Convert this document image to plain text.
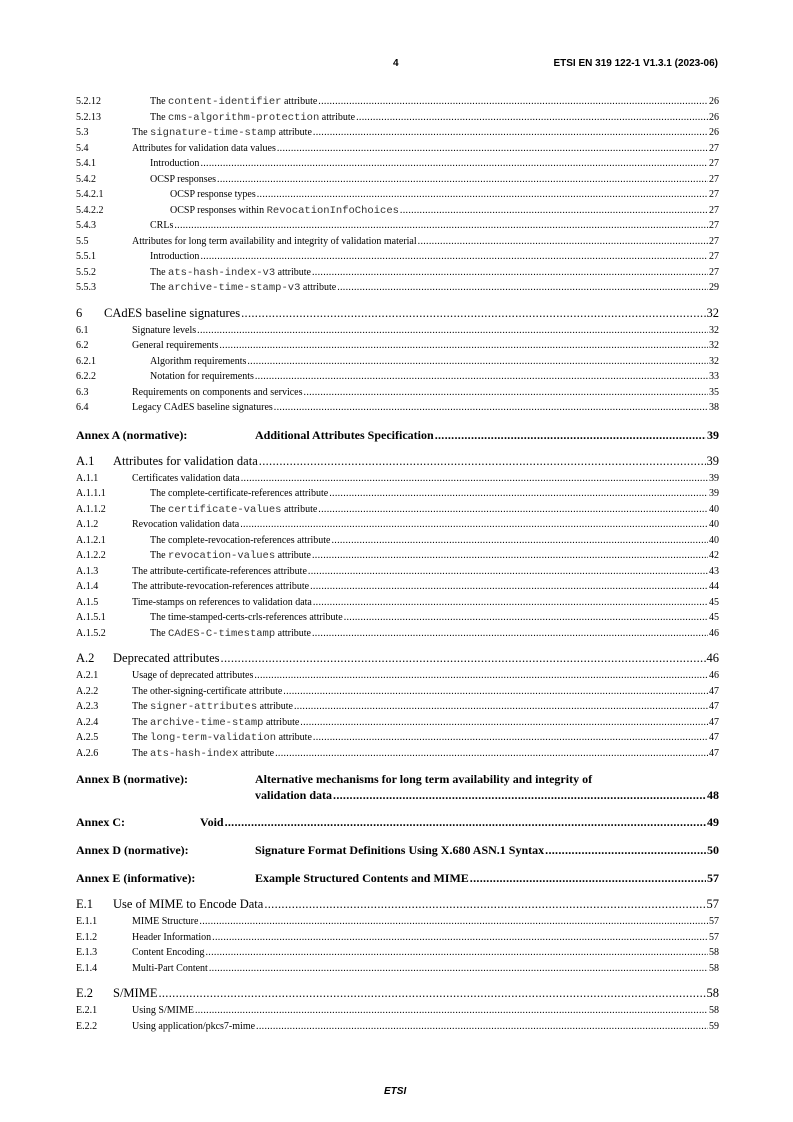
4	ETSI EN 319 122-1 V1.3.1 (2023-06)
5.2.12	The content-identifier attribute .....	26
5.2.13	The cms-algorithm-protection attribute .....	26
5.3	The signature-time-stamp attribute .....	26
5.4	Attributes for validation data values .....	27
5.4.1	Introduction .....	27
5.4.2	OCSP responses .....	27
5.4.2.1	OCSP response types .....	27
5.4.2.2	OCSP responses within RevocationInfoChoices .....	27
5.4.3	CRLs .....	27
5.5	Attributes for long term availability and integrity of validation material .....	27
5.5.1	Introduction .....	27
5.5.2	The ats-hash-index-v3 attribute .....	27
5.5.3	The archive-time-stamp-v3 attribute .....	29
6 CAdES baseline signatures .....	32
6.1	Signature levels .....	32
6.2	General requirements .....	32
6.2.1	Algorithm requirements .....	32
6.2.2	Notation for requirements .....	33
6.3	Requirements on components and services .....	35
6.4	Legacy CAdES baseline signatures .....	38
Annex A (normative):	Additional Attributes Specification .....	39
A.1 Attributes for validation data .....	39
A.1.1	Certificates validation data .....	39
A.1.1.1	The complete-certificate-references attribute .....	39
A.1.1.2	The certificate-values attribute .....	40
A.1.2	Revocation validation data .....	40
A.1.2.1	The complete-revocation-references attribute .....	40
A.1.2.2	The revocation-values attribute .....	42
A.1.3	The attribute-certificate-references attribute .....	43
A.1.4	The attribute-revocation-references attribute .....	44
A.1.5	Time-stamps on references to validation data .....	45
A.1.5.1	The time-stamped-certs-crls-references attribute .....	45
A.1.5.2	The CAdES-C-timestamp attribute .....	46
A.2 Deprecated attributes .....	46
A.2.1	Usage of deprecated attributes .....	46
A.2.2	The other-signing-certificate attribute .....	47
A.2.3	The signer-attributes attribute .....	47
A.2.4	The archive-time-stamp attribute .....	47
A.2.5	The long-term-validation attribute .....	47
A.2.6	The ats-hash-index attribute .....	47
Annex B (normative):	Alternative mechanisms for long term availability and integrity of
validation data .....	48
Annex C:	Void .....	49
Annex D (normative):	Signature Format Definitions Using X.680 ASN.1 Syntax .....	50
Annex E (informative):	Example Structured Contents and MIME .....	57
E.1 Use of MIME to Encode Data .....	57
E.1.1	MIME Structure .....	57
E.1.2	Header Information .....	57
E.1.3	Content Encoding .....	58
E.1.4	Multi-Part Content .....	58
E.2 S/MIME .....	58
E.2.1	Using S/MIME .....	58
E.2.2	Using application/pkcs7-mime .....	59
ETSI
